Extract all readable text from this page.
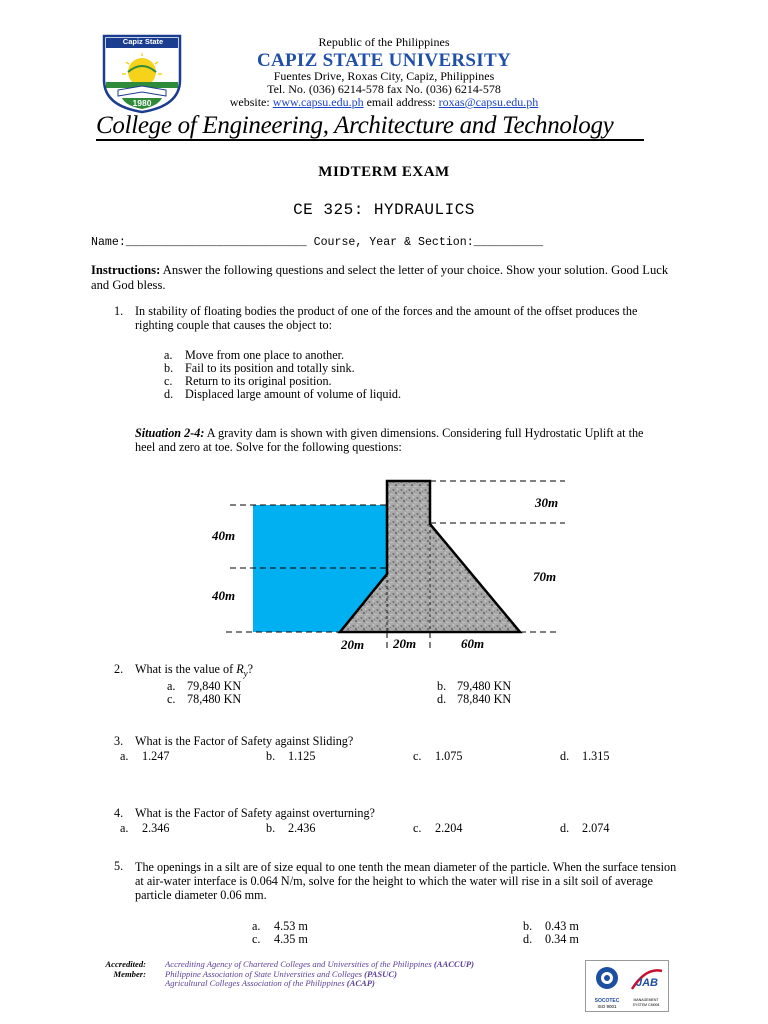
Capiz State University
1980
Republic of the Philippines
CAPIZ STATE UNIVERSITY
Fuentes Drive, Roxas City, Capiz, Philippines
Tel. No. (036) 6214-578 fax No. (036) 6214-578
website: www.capsu.edu.ph email address: roxas@capsu.edu.ph
College of Engineering, Architecture and Technology
MIDTERM EXAM
CE 325: HYDRAULICS
Name:__________________________ Course, Year & Section:__________
Instructions: Answer the following questions and select the letter of your choice. Show your solution. Good Luck and God bless.
1. In stability of floating bodies the product of one of the forces and the amount of the offset produces the righting couple that causes the object to:
a. Move from one place to another.
b. Fail to its position and totally sink.
c. Return to its original position.
d. Displaced large amount of volume of liquid.
Situation 2-4: A gravity dam is shown with given dimensions. Considering full Hydrostatic Uplift at the heel and zero at toe. Solve for the following questions:
30m
70m
40m
40m
20m 20m	60m
2. What is the value of $R_y$?
a. 79,840 KN	b. 79,480 KN
c. 78,480 KN	d. 78,840 KN
3. What is the Factor of Safety against Sliding?
a. 1.247	b. 1.125	c. 1.075	d. 1.315
4. What is the Factor of Safety against overturning?
a. 2.346	b. 2.436	c. 2.204	d. 2.074
5. The openings in a silt are of size equal to one tenth the mean diameter of the particle. When the surface tension at air-water interface is 0.064 N/m, solve for the height to which the water will rise in a silt soil of average particle diameter 0.06 mm.
a. 4.53 m	b. 0.43 m
c. 4.35 m	d. 0.34 m
Accredited:
Member:
Accrediting Agency of Chartered Colleges and Universities of the Philippines (AACCUP)
Philippine Association of State Universities and Colleges (PASUC)
Agricultural Colleges Association of the Philippines (ACAP)
SOCOTEC
ISO 9001
JAB
MANAGEMENT SYSTEM CM008
